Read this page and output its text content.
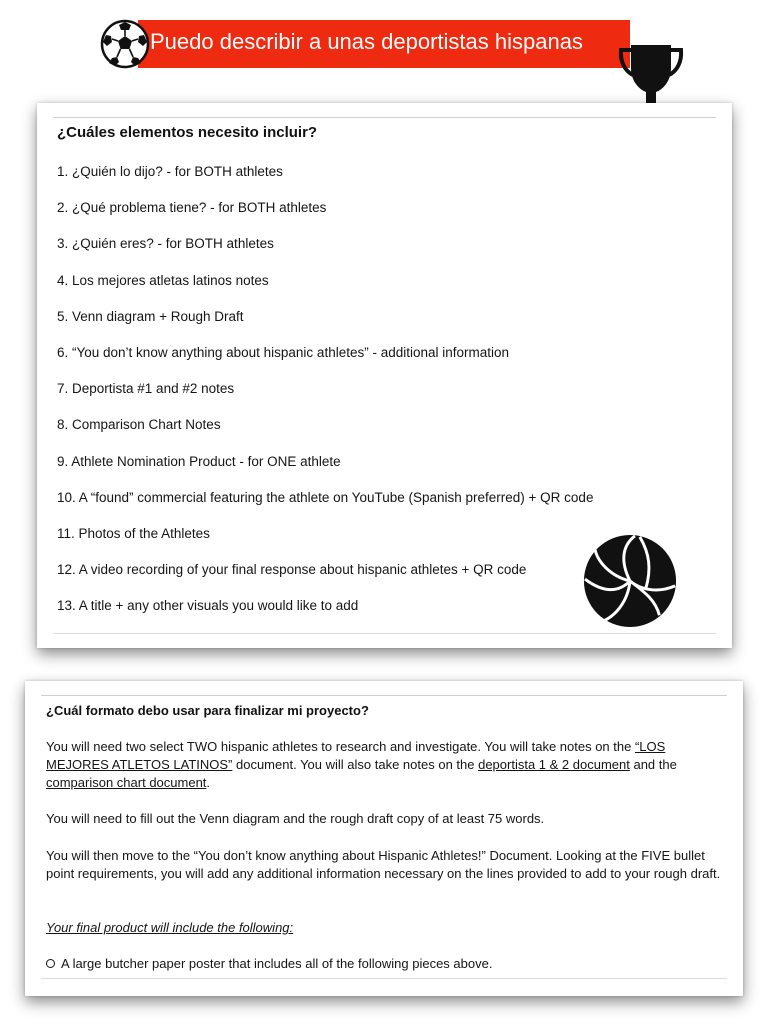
Puedo describir a unas deportistas hispanas
¿Cuáles elementos necesito incluir?
1. ¿Quién lo dijo? - for BOTH athletes
2. ¿Qué problema tiene? - for BOTH athletes
3. ¿Quién eres? - for BOTH athletes
4. Los mejores atletas latinos notes
5. Venn diagram + Rough Draft
6. “You don’t know anything about hispanic athletes” - additional information
7. Deportista #1 and #2 notes
8. Comparison Chart Notes
9. Athlete Nomination Product - for ONE athlete
10. A “found” commercial featuring the athlete on YouTube (Spanish preferred) + QR code
11. Photos of the Athletes
12. A video recording of your final response about hispanic athletes + QR code
13. A title + any other visuals you would like to add
¿Cuál formato debo usar para finalizar mi proyecto?

You will need two select TWO hispanic athletes to research and investigate. You will take notes on the “LOS MEJORES ATLETOS LATINOS” document. You will also take notes on the deportista 1 & 2 document and the comparison chart document.

You will need to fill out the Venn diagram and the rough draft copy of at least 75 words.

You will then move to the “You don’t know anything about Hispanic Athletes!” Document. Looking at the FIVE bullet point requirements, you will add any additional information necessary on the lines provided to add to your rough draft.

Your final product will include the following:

A large butcher paper poster that includes all of the following pieces above.
